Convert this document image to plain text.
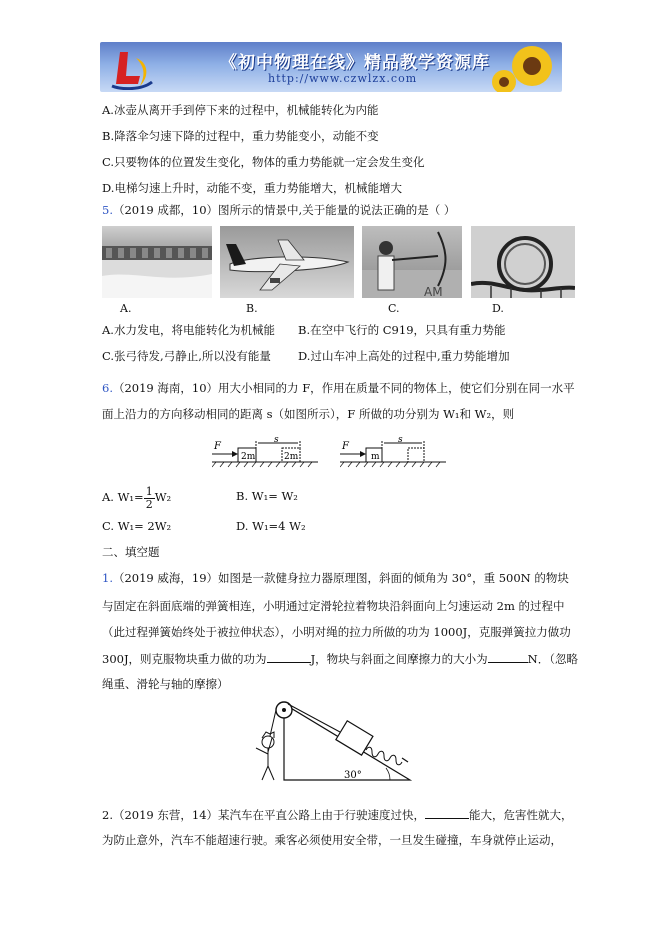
《初中物理在线》精品教学资源库
http://www.czwlzx.com
A.冰壶从离开手到停下来的过程中，机械能转化为内能
B.降落伞匀速下降的过程中，重力势能变小，动能不变
C.只要物体的位置发生变化，物体的重力势能就一定会发生变化
D.电梯匀速上升时，动能不变，重力势能增大，机械能增大
5.（2019 成都，10）图所示的情景中,关于能量的说法正确的是（ ）
AM
A.	B.	C.	D.
A.水力发电，将电能转化为机械能 B.在空中飞行的 C919，只具有重力势能
C.张弓待发,弓静止,所以没有能量 D.过山车冲上高处的过程中,重力势能增加
6.（2019 海南，10）用大小相同的力 F，作用在质量不同的物体上，使它们分别在同一水平
面上沿力的方向移动相同的距离 s（如图所示），F 所做的功分别为 W₁和 W₂，则
F
2m
s
2m
F
m
s
A. $W_1= \frac{1}{2} W_2$	B. W₁= W₂
C. W₁= 2W₂	D. W₁=4 W₂
二、填空题
1.（2019 威海，19）如图是一款健身拉力器原理图，斜面的倾角为 30°，重 500N 的物块
与固定在斜面底端的弹簧相连，小明通过定滑轮拉着物块沿斜面向上匀速运动 2m 的过程中
（此过程弹簧始终处于被拉伸状态），小明对绳的拉力所做的功为 1000J，克服弹簧拉力做功
300J，则克服物块重力做的功为	J，物块与斜面之间摩擦力的大小为	N．（忽略
绳重、滑轮与轴的摩擦）
30°
2.（2019 东营，14）某汽车在平直公路上由于行驶速度过快，	能大，危害性就大，
为防止意外，汽车不能超速行驶。乘客必须使用安全带，一旦发生碰撞，车身就停止运动，
